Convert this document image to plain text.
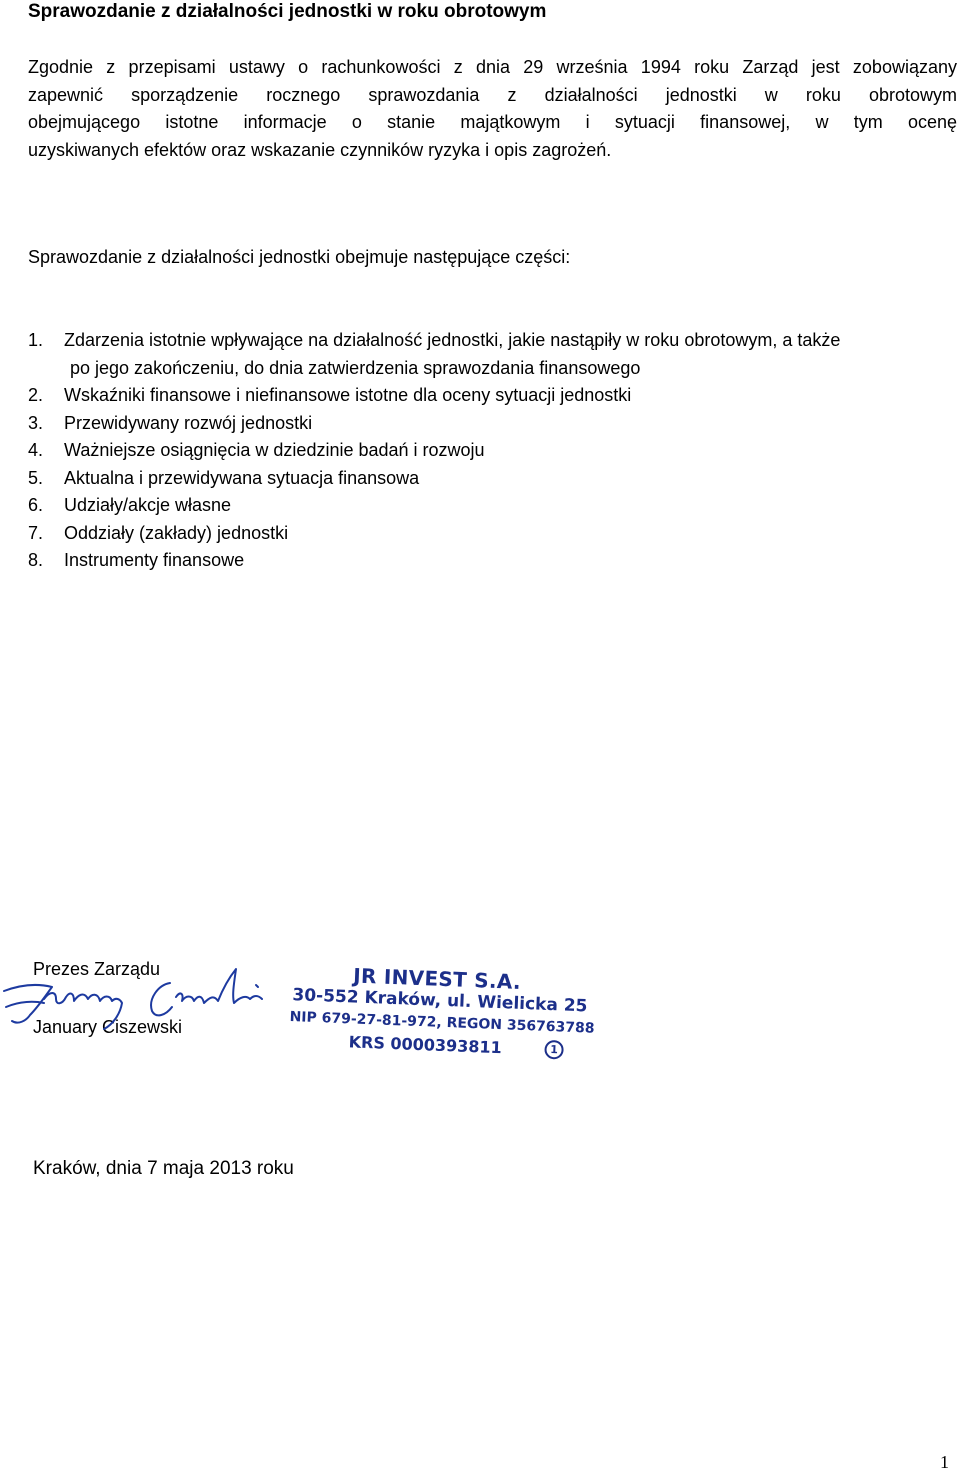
Sprawozdanie z działalności jednostki w roku obrotowym
Zgodnie z przepisami ustawy o rachunkowości z dnia 29 września 1994 roku Zarząd jest zobowiązany
zapewnić sporządzenie rocznego sprawozdania z działalności jednostki w roku obrotowym
obejmującego istotne informacje o stanie majątkowym i sytuacji finansowej, w tym ocenę
uzyskiwanych efektów oraz wskazanie czynników ryzyka i opis zagrożeń.
Sprawozdanie z działalności jednostki obejmuje następujące części:
1. Zdarzenia istotnie wpływające na działalność jednostki, jakie nastąpiły w roku obrotowym, a także
po jego zakończeniu, do dnia zatwierdzenia sprawozdania finansowego
2. Wskaźniki finansowe i niefinansowe istotne dla oceny sytuacji jednostki
3. Przewidywany rozwój jednostki
4. Ważniejsze osiągnięcia w dziedzinie badań i rozwoju
5. Aktualna i przewidywana sytuacja finansowa
6. Udziały/akcje własne
7. Oddziały (zakłady) jednostki
8. Instrumenty finansowe
Prezes Zarządu
January Ciszewski
JR INVEST S.A.
30-552 Kraków, ul. Wielicka 25
NIP 679-27-81-972, REGON 356763788
KRS 0000393811	1
Kraków, dnia 7 maja 2013 roku
1
